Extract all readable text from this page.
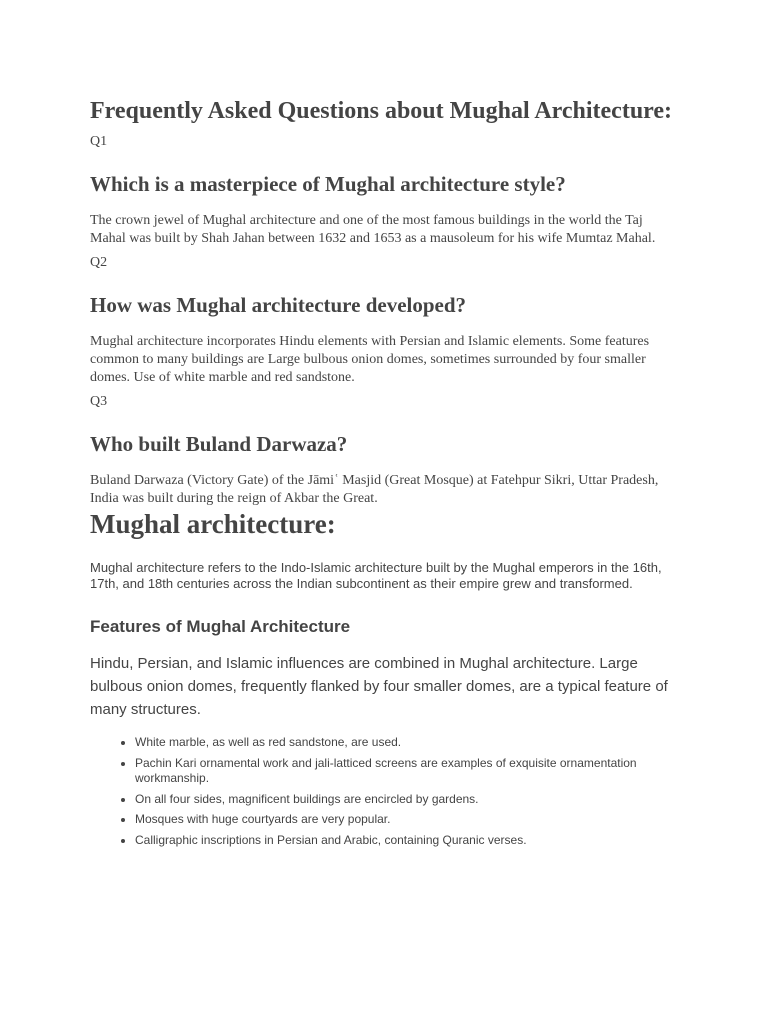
Frequently Asked Questions about Mughal Architecture:
Q1
Which is a masterpiece of Mughal architecture style?

The crown jewel of Mughal architecture and one of the most famous buildings in the world the Taj Mahal was built by Shah Jahan between 1632 and 1653 as a mausoleum for his wife Mumtaz Mahal.

Q2
How was Mughal architecture developed?

Mughal architecture incorporates Hindu elements with Persian and Islamic elements. Some features common to many buildings are Large bulbous onion domes, sometimes surrounded by four smaller domes. Use of white marble and red sandstone.

Q3
Who built Buland Darwaza?

Buland Darwaza (Victory Gate) of the Jāmiʿ Masjid (Great Mosque) at Fatehpur Sikri, Uttar Pradesh, India was built during the reign of Akbar the Great.

Mughal architecture:

Mughal architecture refers to the Indo-Islamic architecture built by the Mughal emperors in the 16th, 17th, and 18th centuries across the Indian subcontinent as their empire grew and transformed.

Features of Mughal Architecture

Hindu, Persian, and Islamic influences are combined in Mughal architecture. Large bulbous onion domes, frequently flanked by four smaller domes, are a typical feature of many structures.

• White marble, as well as red sandstone, are used.
• Pachin Kari ornamental work and jali-latticed screens are examples of exquisite ornamentation workmanship.
• On all four sides, magnificent buildings are encircled by gardens.
• Mosques with huge courtyards are very popular.
• Calligraphic inscriptions in Persian and Arabic, containing Quranic verses.
